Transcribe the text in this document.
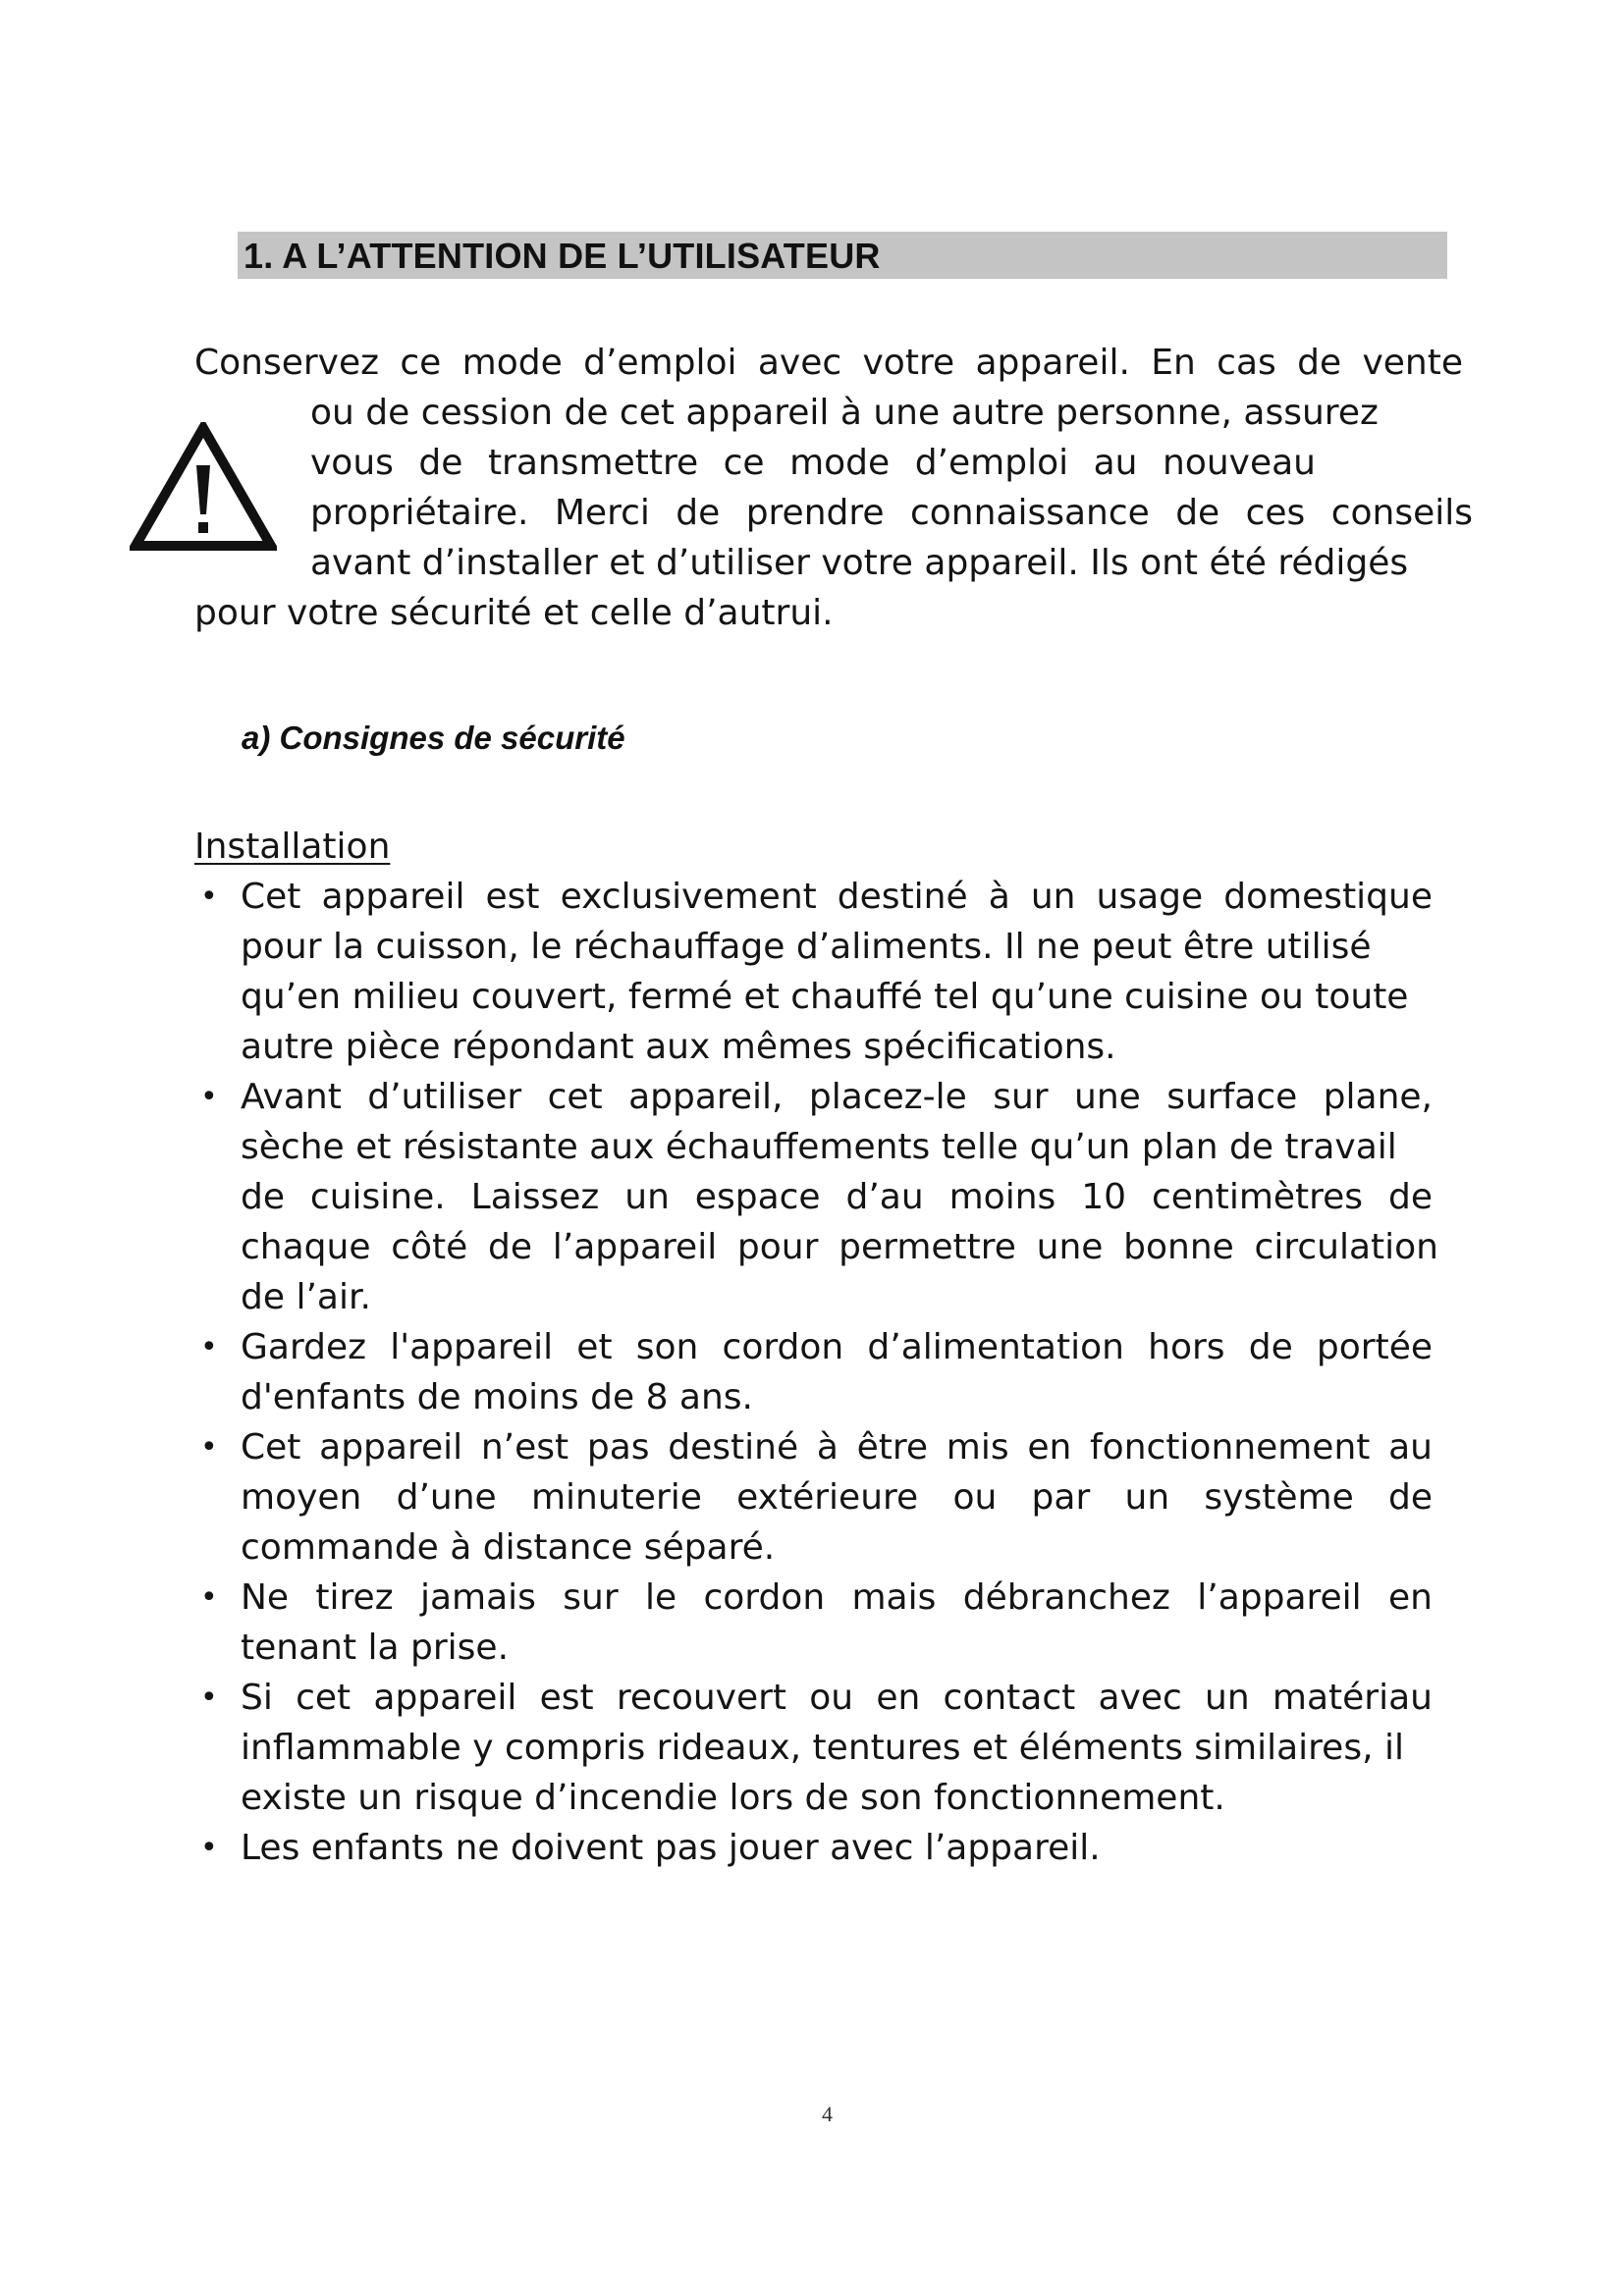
1. A L’ATTENTION DE L’UTILISATEUR
Conservez ce mode d’emploi avec votre appareil. En cas de vente
ou de cession de cet appareil à une autre personne, assurez
vous de transmettre ce mode d’emploi au nouveau
propriétaire. Merci de prendre connaissance de ces conseils
avant d’installer et d’utiliser votre appareil. Ils ont été rédigés
pour votre sécurité et celle d’autrui.
a) Consignes de sécurité
Installation
• Cet appareil est exclusivement destiné à un usage domestique
pour la cuisson, le réchauffage d’aliments. Il ne peut être utilisé
qu’en milieu couvert, fermé et chauffé tel qu’une cuisine ou toute
autre pièce répondant aux mêmes spécifications.
• Avant d’utiliser cet appareil, placez-le sur une surface plane,
sèche et résistante aux échauffements telle qu’un plan de travail
de cuisine. Laissez un espace d’au moins 10 centimètres de
chaque côté de l’appareil pour permettre une bonne circulation
de l’air.
• Gardez l'appareil et son cordon d’alimentation hors de portée
d'enfants de moins de 8 ans.
• Cet appareil n’est pas destiné à être mis en fonctionnement au
moyen d’une minuterie extérieure ou par un système de
commande à distance séparé.
• Ne tirez jamais sur le cordon mais débranchez l’appareil en
tenant la prise.
• Si cet appareil est recouvert ou en contact avec un matériau
inflammable y compris rideaux, tentures et éléments similaires, il
existe un risque d’incendie lors de son fonctionnement.
• Les enfants ne doivent pas jouer avec l’appareil.
4
